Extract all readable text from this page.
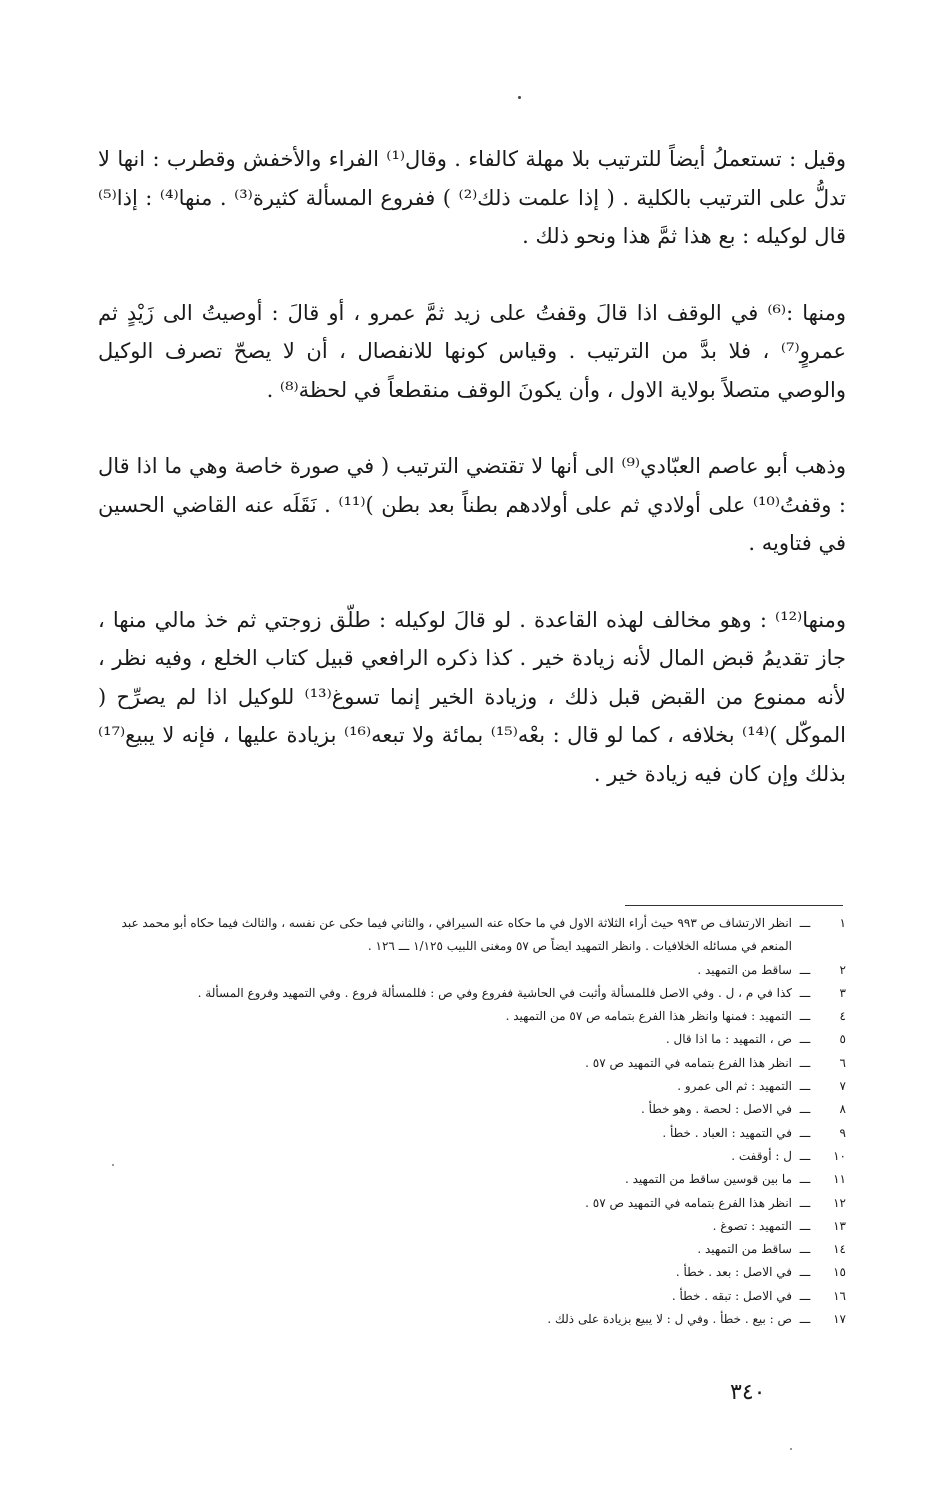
وقيل : تستعملُ أيضاً للترتيب بلا مهلة كالفاء . وقال⁽¹⁾ الفراء والأخفش وقطرب : انها لا تدلُّ على الترتيب بالكلية . ( إذا علمت ذلك⁽²⁾ ) ففروع المسألة كثيرة⁽³⁾ . منها⁽⁴⁾ : إذا⁽⁵⁾ قال لوكيله : بع هذا ثمَّ هذا ونحو ذلك .

ومنها :⁽⁶⁾ في الوقف اذا قالَ وقفتُ على زيد ثمَّ عمرو ، أو قالَ : أوصيتُ الى زَيْدٍ ثم عمروٍ⁽⁷⁾ ، فلا بدَّ من الترتيب . وقياس كونها للانفصال ، أن لا يصحّ تصرف الوكيل والوصي متصلاً بولاية الاول ، وأن يكونَ الوقف منقطعاً في لحظة⁽⁸⁾ .

وذهب أبو عاصم العبّادي⁽⁹⁾ الى أنها لا تقتضي الترتيب ( في صورة خاصة وهي ما اذا قال : وقفتُ⁽¹⁰⁾ على أولادي ثم على أولادهم بطناً بعد بطن )⁽¹¹⁾ . نَقَلَه عنه القاضي الحسين في فتاويه .

ومنها⁽¹²⁾ : وهو مخالف لهذه القاعدة . لو قالَ لوكيله : طلّق زوجتي ثم خذ مالي منها ، جاز تقديمُ قبض المال لأنه زيادة خير . كذا ذكره الرافعي قبيل كتاب الخلع ، وفيه نظر ، لأنه ممنوع من القبض قبل ذلك ، وزيادة الخير إنما تسوغ⁽¹³⁾ للوكيل اذا لم يصرِّح ( الموكّل )⁽¹⁴⁾ بخلافه ، كما لو قال : بعْه⁽¹⁵⁾ بمائة ولا تبعه⁽¹⁶⁾ بزيادة عليها ، فإنه لا يبيع⁽¹⁷⁾ بذلك وإن كان فيه زيادة خير .

١
ـــ
انظر الارتشاف ص ٩٩٣ حيث أراء الثلاثة الاول في ما حكاه عنه السيرافي ، والثاني فيما حكى عن نفسه ، والثالث فيما حكاه أبو محمد عبد المنعم في مسائله الخلافيات . وانظر التمهيد ايضاً ص ٥٧ ومغنى اللبيب ١/١٢٥ ـــ ١٢٦ .
٢
ـــ
ساقط من التمهيد .
٣
ـــ
كذا في م ، ل . وفي الاصل فللمسألة وأثبت في الحاشية ففروع وفي ص : فللمسألة فروع . وفي التمهيد وفروع المسألة .
٤
ـــ
التمهيد : فمنها وانظر هذا الفرع بتمامه ص ٥٧ من التمهيد .
٥
ـــ
ص ، التمهيد : ما اذا قال .
٦
ـــ
انظر هذا الفرع بتمامه في التمهيد ص ٥٧ .
٧
ـــ
التمهيد : ثم الى عمرو .
٨
ـــ
في الاصل : لحصة . وهو خطأ .
٩
ـــ
في التمهيد : العباد . خطأ .
١٠
ـــ
ل : أوقفت .
١١
ـــ
ما بين قوسين ساقط من التمهيد .
١٢
ـــ
انظر هذا الفرع بتمامه في التمهيد ص ٥٧ .
١٣
ـــ
التمهيد : تصوغ .
١٤
ـــ
ساقط من التمهيد .
١٥
ـــ
في الاصل : بعد . خطأ .
١٦
ـــ
في الاصل : تبقه . خطأ .
١٧
ـــ
ص : بيع . خطأ . وفي ل : لا يبيع بزيادة على ذلك .
٣٤٠
